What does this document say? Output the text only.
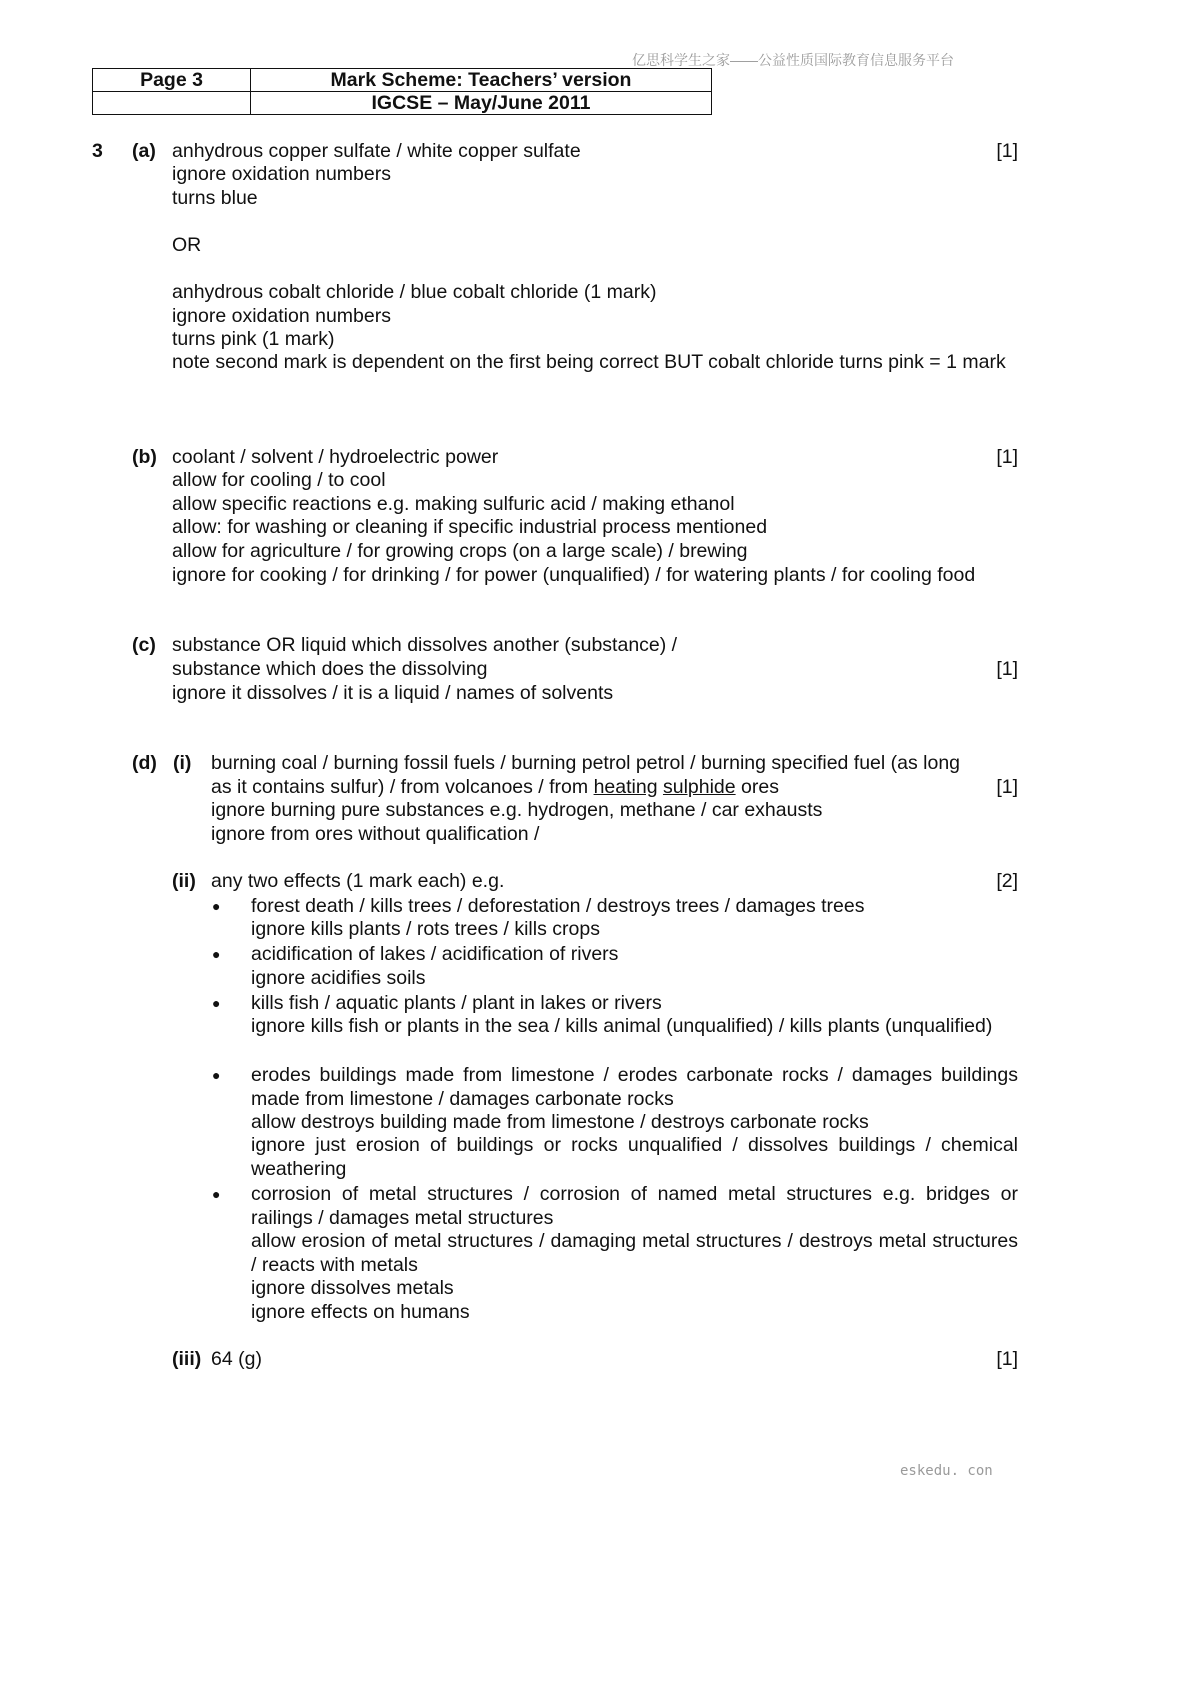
亿思科学生之家——公益性质国际教育信息服务平台
Page 3	Mark Scheme: Teachers’ version
	IGCSE – May/June 2011
3 (a) anhydrous copper sulfate / white copper sulfate	[1]
ignore oxidation numbers
turns blue
OR
anhydrous cobalt chloride / blue cobalt chloride (1 mark)
ignore oxidation numbers
turns pink (1 mark)
note second mark is dependent on the first being correct BUT cobalt chloride turns pink = 1 mark
(b) coolant / solvent / hydroelectric power	[1]
allow for cooling / to cool
allow specific reactions e.g. making sulfuric acid / making ethanol
allow: for washing or cleaning if specific industrial process mentioned
allow for agriculture / for growing crops (on a large scale) / brewing
ignore for cooking / for drinking / for power (unqualified) / for watering plants / for cooling food
(c) substance OR liquid which dissolves another (substance) /
substance which does the dissolving	[1]
ignore it dissolves / it is a liquid / names of solvents
(d) (i) burning coal / burning fossil fuels / burning petrol petrol / burning specified fuel (as long
as it contains sulfur) / from volcanoes / from heating sulphide ores	[1]
ignore burning pure substances e.g. hydrogen, methane / car exhausts
ignore from ores without qualification /
(ii) any two effects (1 mark each) e.g.	[2]
● forest death / kills trees / deforestation / destroys trees / damages trees
ignore kills plants / rots trees / kills crops
● acidification of lakes / acidification of rivers
ignore acidifies soils
● kills fish / aquatic plants / plant in lakes or rivers
ignore kills fish or plants in the sea / kills animal (unqualified) / kills plants (unqualified)
● erodes buildings made from limestone / erodes carbonate rocks / damages buildings made from limestone / damages carbonate rocks
allow destroys building made from limestone / destroys carbonate rocks
ignore just erosion of buildings or rocks unqualified / dissolves buildings / chemical weathering
● corrosion of metal structures / corrosion of named metal structures e.g. bridges or railings / damages metal structures
allow erosion of metal structures / damaging metal structures / destroys metal structures / reacts with metals
ignore dissolves metals
ignore effects on humans
(iii) 64 (g)	[1]
eskedu. con
